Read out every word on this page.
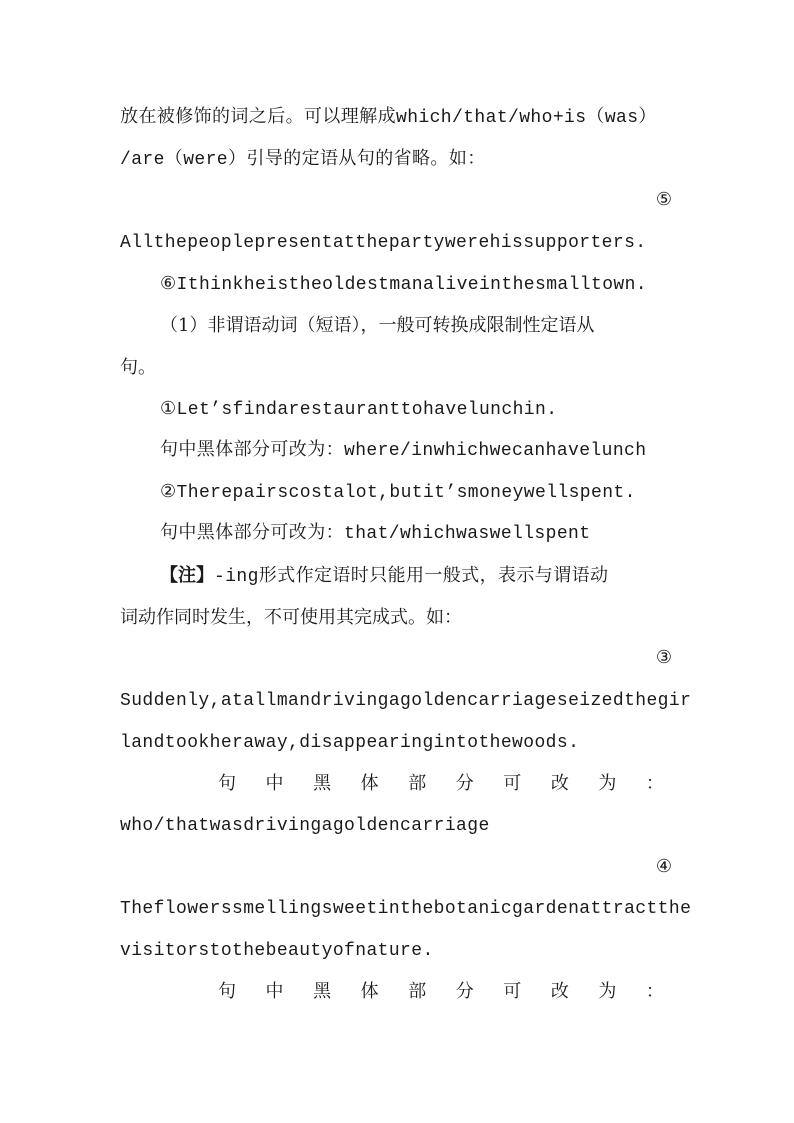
放在被修饰的词之后。可以理解成which/that/who+is（was）
/are（were）引导的定语从句的省略。如：
⑤
Allthepeoplepresentatthepartywerehissupporters.
⑥Ithinkheistheoldestmanaliveinthesmalltown.
（1）非谓语动词（短语），一般可转换成限制性定语从
句。
①Let’sfindarestauranttohavelunchin.
句中黑体部分可改为：where/inwhichwecanhavelunch
②Therepairscostalot,butit’smoneywellspent.
句中黑体部分可改为：that/whichwaswellspent
【注】-ing形式作定语时只能用一般式，表示与谓语动
词动作同时发生，不可使用其完成式。如：
③
Suddenly,atallmandrivingagoldencarriageseizedthegir
landtookheraway,disappearingintothewoods.
句 中 黑 体 部 分 可 改 为 ：
who/thatwasdrivingagoldencarriage
④
Theflowerssmellingsweetinthebotanicgardenattractthe
visitorstothebeautyofnature.
句 中 黑 体 部 分 可 改 为 ：
